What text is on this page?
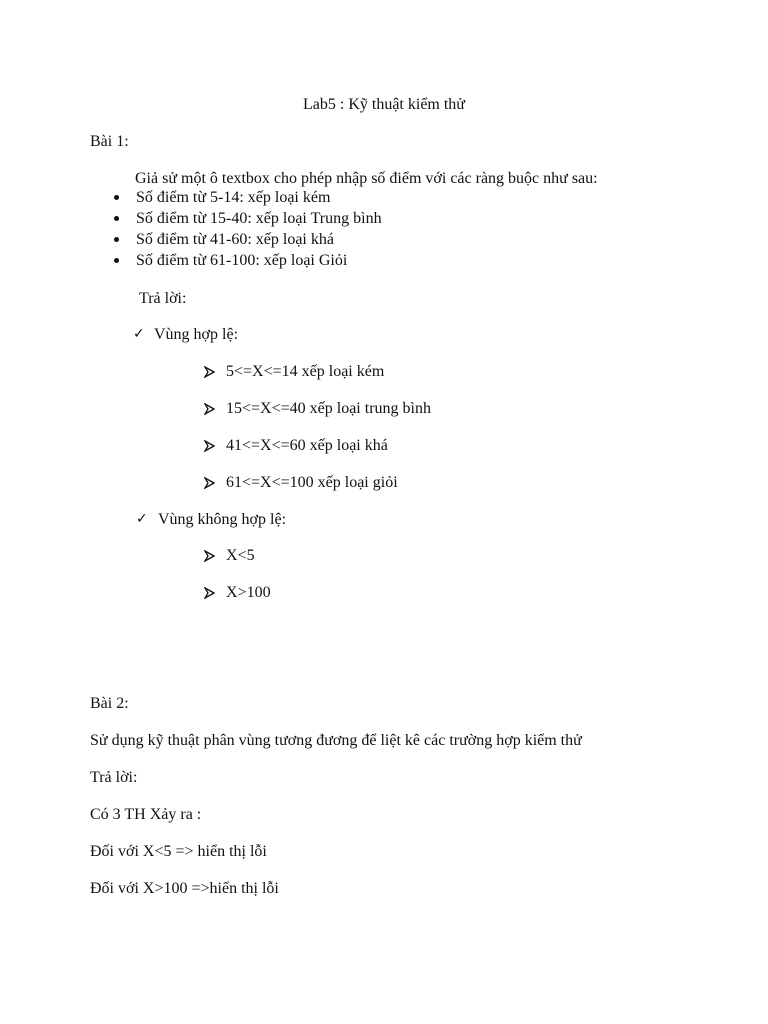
Lab5 : Kỹ thuật kiểm thử
Bài 1:
Giả sử một ô textbox cho phép nhập số điểm với các ràng buộc như sau:
Số điểm từ 5-14: xếp loại kém
Số điểm từ 15-40: xếp loại Trung bình
Số điểm từ 41-60: xếp loại khá
Số điểm từ 61-100: xếp loại Giỏi
Trả lời:
✓ Vùng hợp lệ:
5<=X<=14 xếp loại kém
15<=X<=40 xếp loại trung bình
41<=X<=60 xếp loại khá
61<=X<=100 xếp loại giỏi
✓ Vùng không hợp lệ:
X<5
X>100
Bài 2:
Sử dụng kỹ thuật phân vùng tương đương để liệt kê các trường hợp kiểm thử
Trả lời:
Có 3 TH Xảy ra :
Đối với X<5 => hiển thị lỗi
Đối với X>100 =>hiển thị lỗi
